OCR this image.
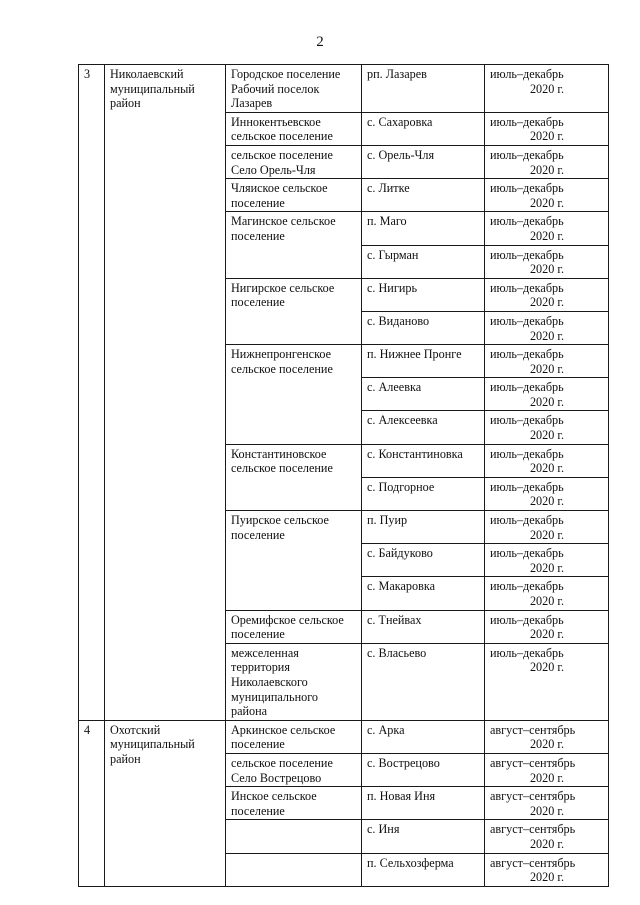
2
3	Николаевский муниципальный район	Городское поселение Рабочий поселок Лазарев	рп. Лазарев	июль–декабрь
2020 г.

		Иннокентьевское сельское поселение	с. Сахаровка	июль–декабрь
2020 г.

		сельское поселение Село Орель-Чля	с. Орель-Чля	июль–декабрь
2020 г.

		Чляиское сельское поселение	с. Литке	июль–декабрь
2020 г.

		Магинское сельское поселение	п. Маго	июль–декабрь
2020 г.

			с. Гырман	июль–декабрь
2020 г.

		Нигирское сельское поселение	с. Нигирь	июль–декабрь
2020 г.

			с. Виданово	июль–декабрь
2020 г.

		Нижнепронгенское сельское поселение	п. Нижнее Пронге	июль–декабрь
2020 г.

			с. Алеевка	июль–декабрь
2020 г.

			с. Алексеевка	июль–декабрь
2020 г.

		Константиновское сельское поселение	с. Константиновка	июль–декабрь
2020 г.

			с. Подгорное	июль–декабрь
2020 г.

		Пуирское сельское поселение	п. Пуир	июль–декабрь
2020 г.

			с. Байдуково	июль–декабрь
2020 г.

			с. Макаровка	июль–декабрь
2020 г.

		Оремифское сельское поселение	с. Тнейвах	июль–декабрь
2020 г.

		межселенная территория Николаевского муниципального района	с. Власьево	июль–декабрь
2020 г.

4	Охотский муниципальный район	Аркинское сельское поселение	с. Арка	август–сентябрь
2020 г.

		сельское поселение Село Вострецово	с. Вострецово	август–сентябрь
2020 г.

		Инское сельское поселение	п. Новая Иня	август–сентябрь
2020 г.

			с. Иня	август–сентябрь
2020 г.

			п. Сельхозферма	август–сентябрь
2020 г.
